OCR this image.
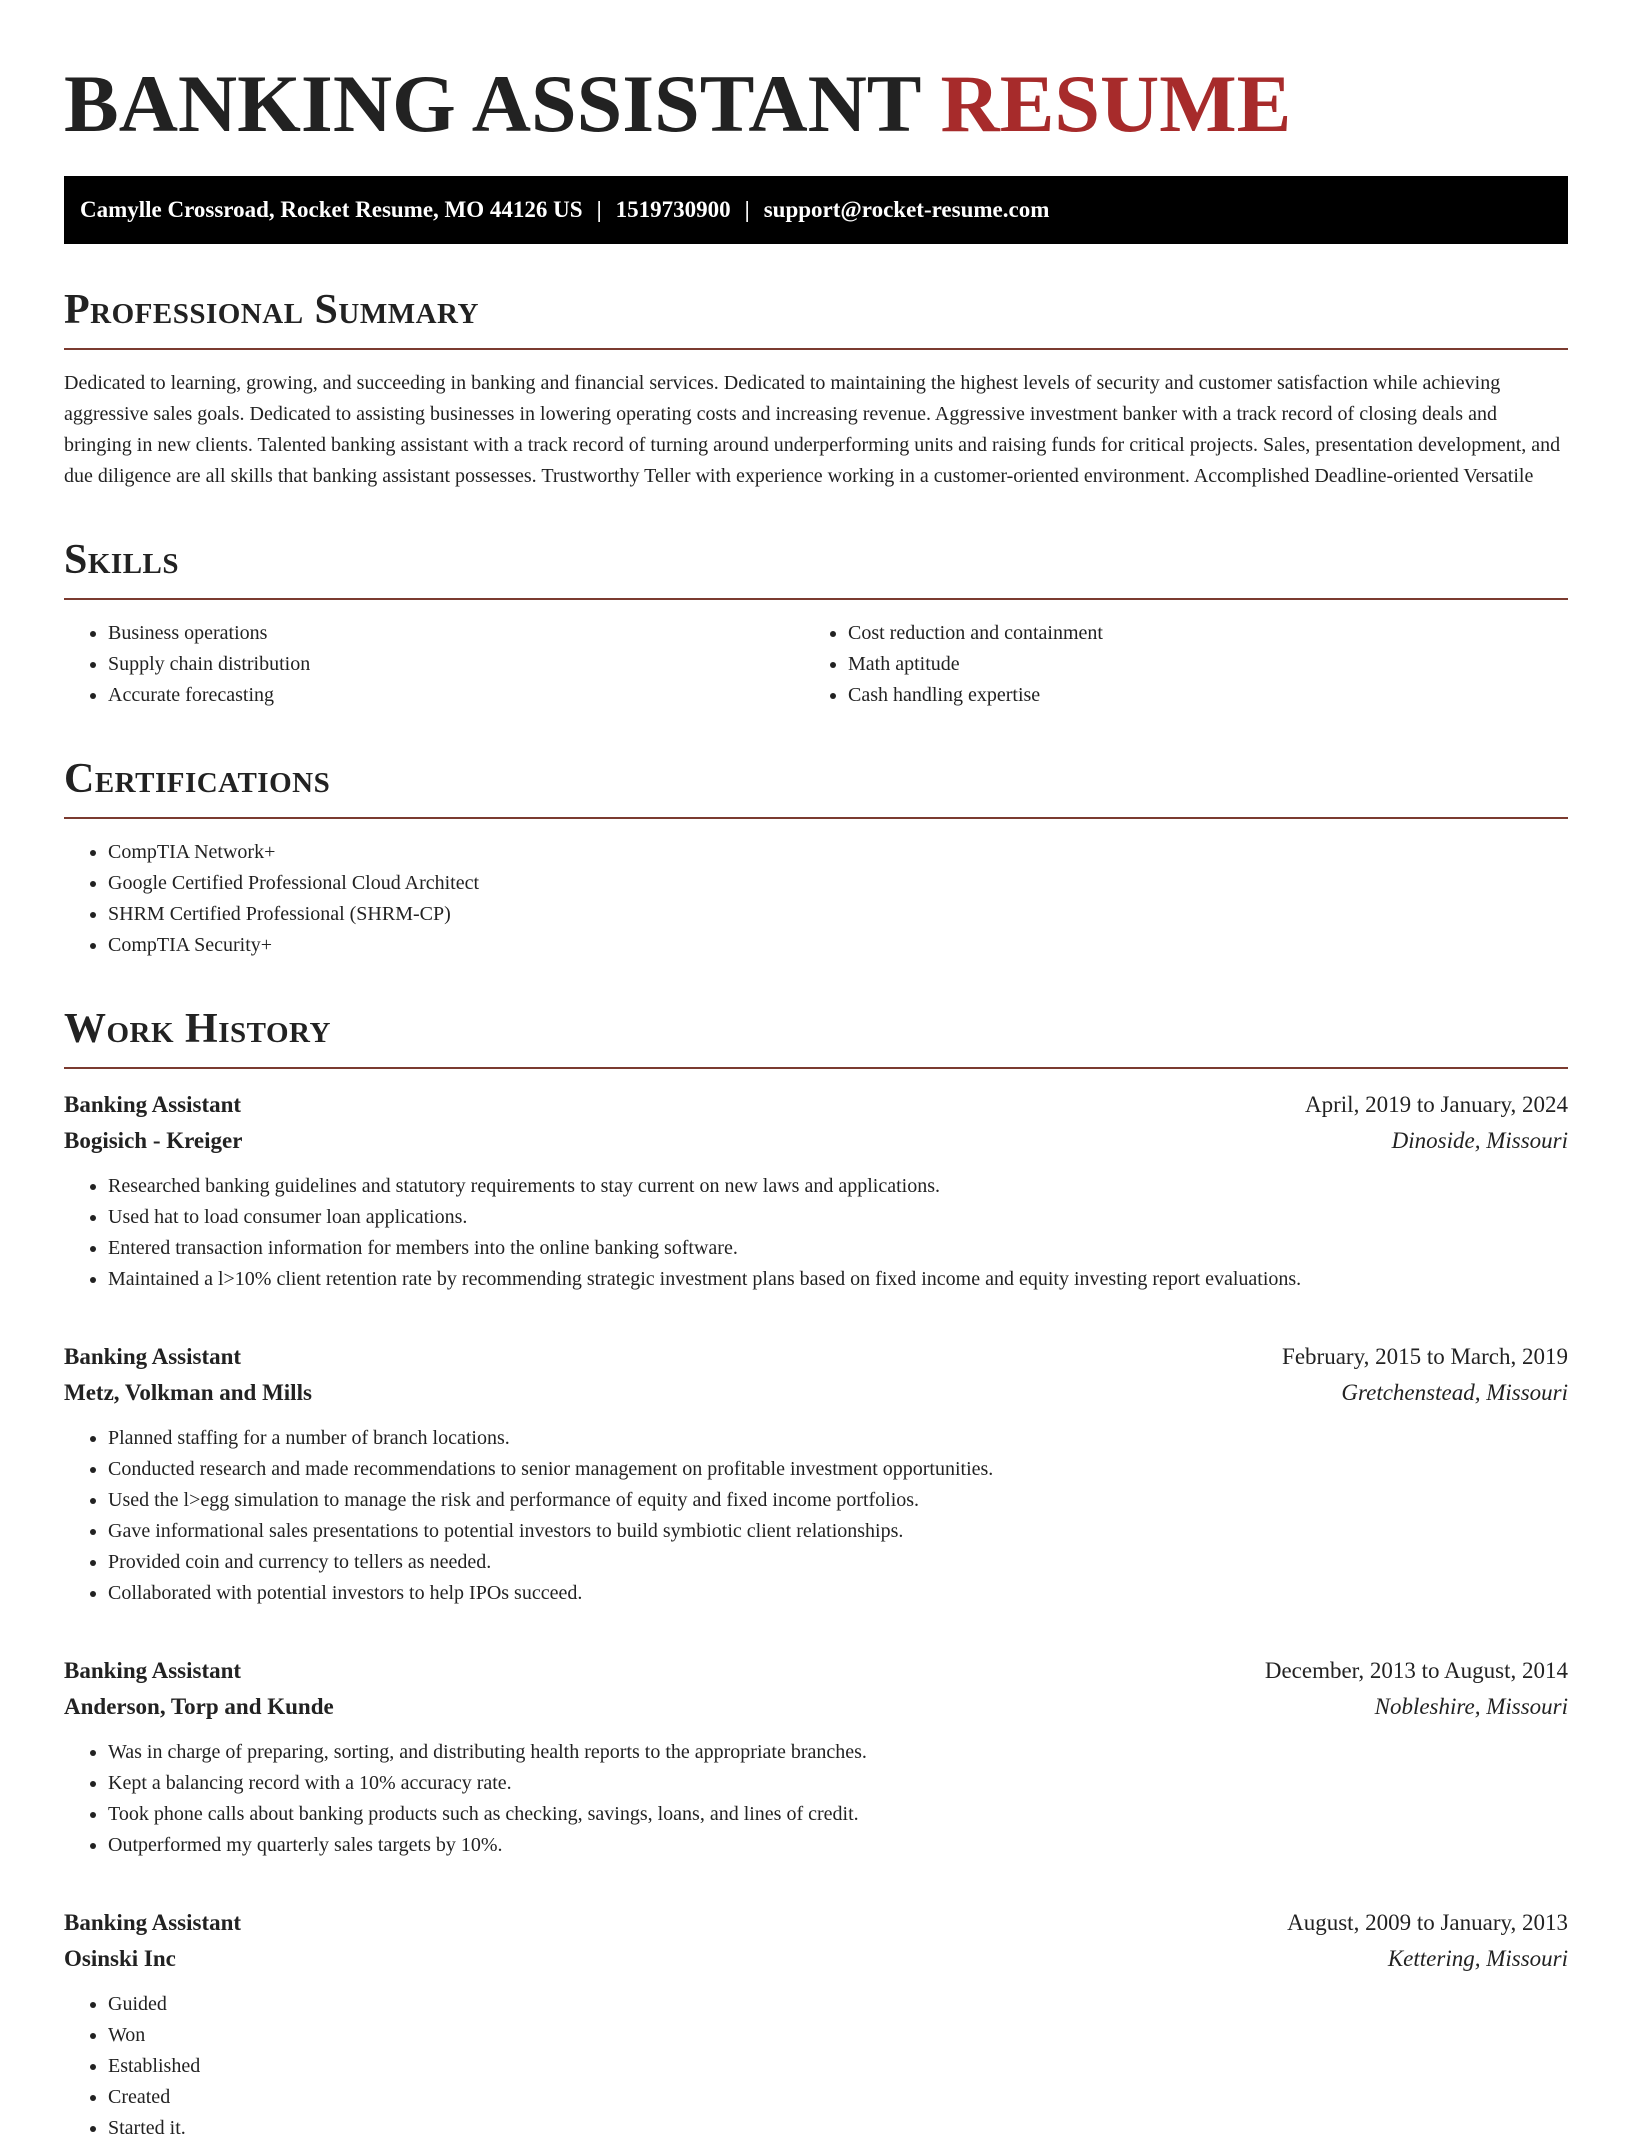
BANKING ASSISTANT RESUME
Camylle Crossroad, Rocket Resume, MO 44126 US | 1519730900 | support@rocket-resume.com
Professional Summary

Dedicated to learning, growing, and succeeding in banking and financial services. Dedicated to maintaining the highest levels of security and customer satisfaction while achieving aggressive sales goals. Dedicated to assisting businesses in lowering operating costs and increasing revenue. Aggressive investment banker with a track record of closing deals and bringing in new clients. Talented banking assistant with a track record of turning around underperforming units and raising funds for critical projects. Sales, presentation development, and due diligence are all skills that banking assistant possesses. Trustworthy Teller with experience working in a customer-oriented environment. Accomplished Deadline-oriented Versatile

Skills
• Business operations
• Supply chain distribution
• Accurate forecasting
• Cost reduction and containment
• Math aptitude
• Cash handling expertise
Certifications
• CompTIA Network+
• Google Certified Professional Cloud Architect
• SHRM Certified Professional (SHRM-CP)
• CompTIA Security+
Work History
Banking Assistant	April, 2019 to January, 2024
Bogisich - Kreiger	Dinoside, Missouri
• Researched banking guidelines and statutory requirements to stay current on new laws and applications.
• Used hat to load consumer loan applications.
• Entered transaction information for members into the online banking software.
• Maintained a l>10% client retention rate by recommending strategic investment plans based on fixed income and equity investing report evaluations.
Banking Assistant	February, 2015 to March, 2019
Metz, Volkman and Mills	Gretchenstead, Missouri
• Planned staffing for a number of branch locations.
• Conducted research and made recommendations to senior management on profitable investment opportunities.
• Used the l>egg simulation to manage the risk and performance of equity and fixed income portfolios.
• Gave informational sales presentations to potential investors to build symbiotic client relationships.
• Provided coin and currency to tellers as needed.
• Collaborated with potential investors to help IPOs succeed.
Banking Assistant	December, 2013 to August, 2014
Anderson, Torp and Kunde	Nobleshire, Missouri
• Was in charge of preparing, sorting, and distributing health reports to the appropriate branches.
• Kept a balancing record with a 10% accuracy rate.
• Took phone calls about banking products such as checking, savings, loans, and lines of credit.
• Outperformed my quarterly sales targets by 10%.
Banking Assistant	August, 2009 to January, 2013
Osinski Inc	Kettering, Missouri
• Guided
• Won
• Established
• Created
• Started it.
